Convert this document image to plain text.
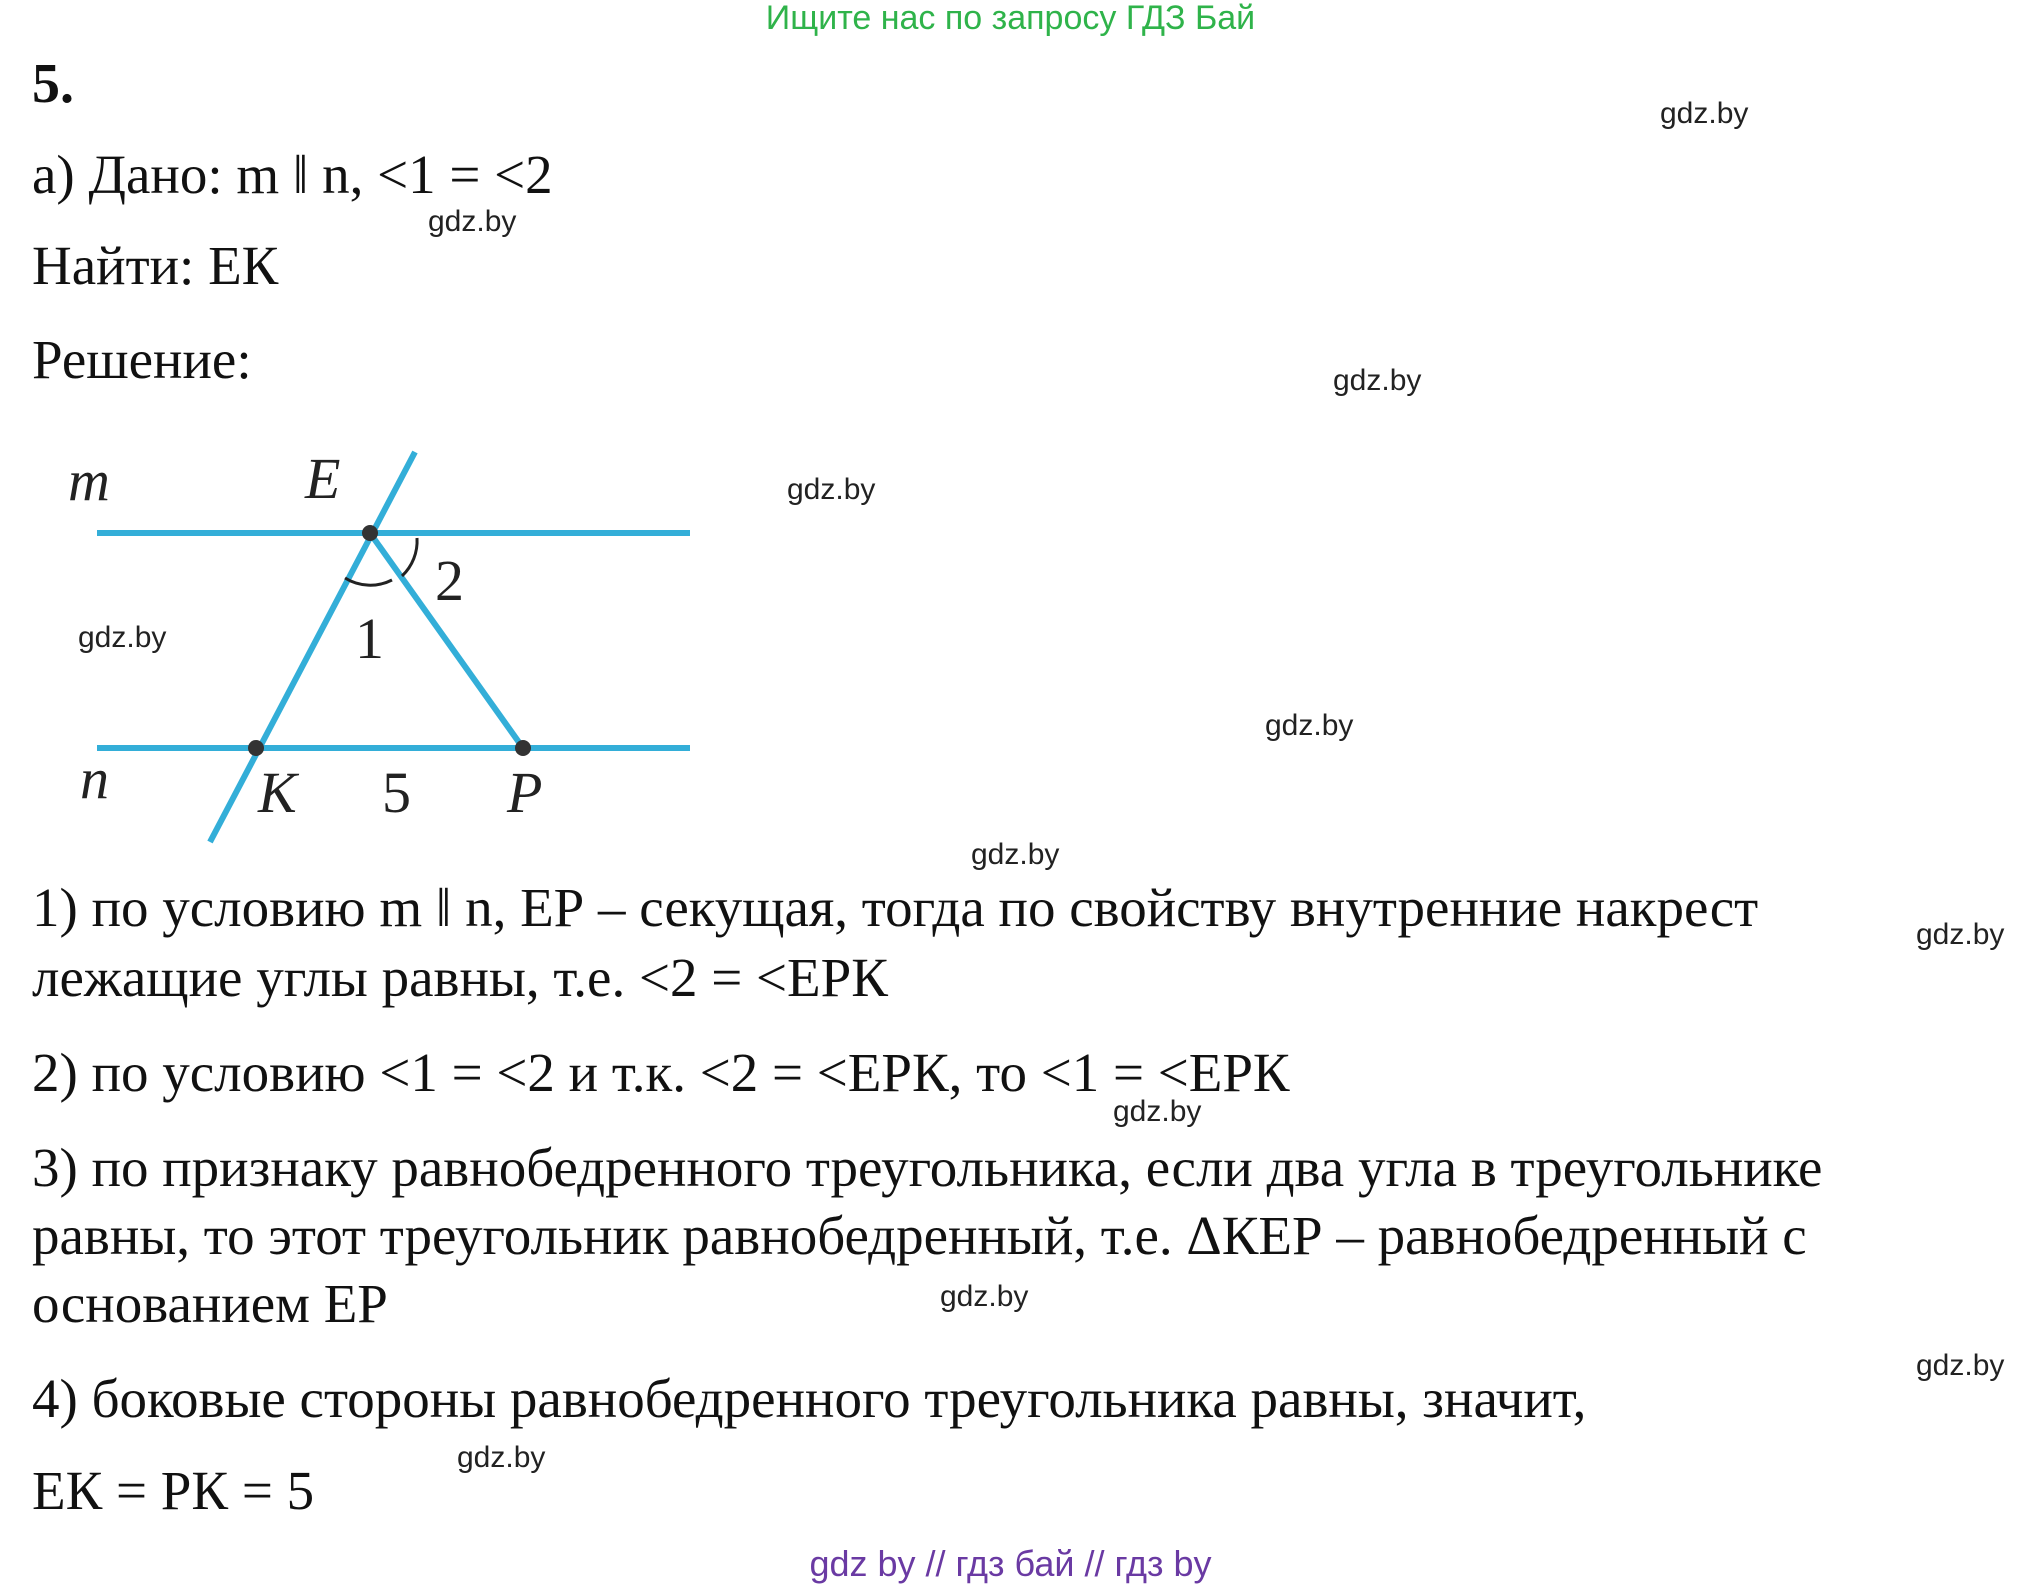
Ищите нас по запросу ГДЗ Бай
5.
а) Дано: m ǁ n, <1 = <2
Найти: ЕК
Решение:
m	E
2
1
n	K 5 P
1) по условию m ǁ n, ЕР – секущая, тогда по свойству внутренние накрест
лежащие углы равны, т.е. <2 = <ЕРК
2) по условию <1 = <2 и т.к. <2 = <ЕРК, то <1 = <ЕРК
3) по признаку равнобедренного треугольника, если два угла в треугольнике
равны, то этот треугольник равнобедренный, т.е. ΔКЕР – равнобедренный с
основанием ЕР
4) боковые стороны равнобедренного треугольника равны, значит,
ЕК = РК = 5
gdz.by
gdz.by
gdz.by
gdz.by
gdz.by
gdz.by
gdz.by
gdz.by
gdz.by
gdz.by
gdz.by
gdz.by
gdz by // гдз бай // гдз by
